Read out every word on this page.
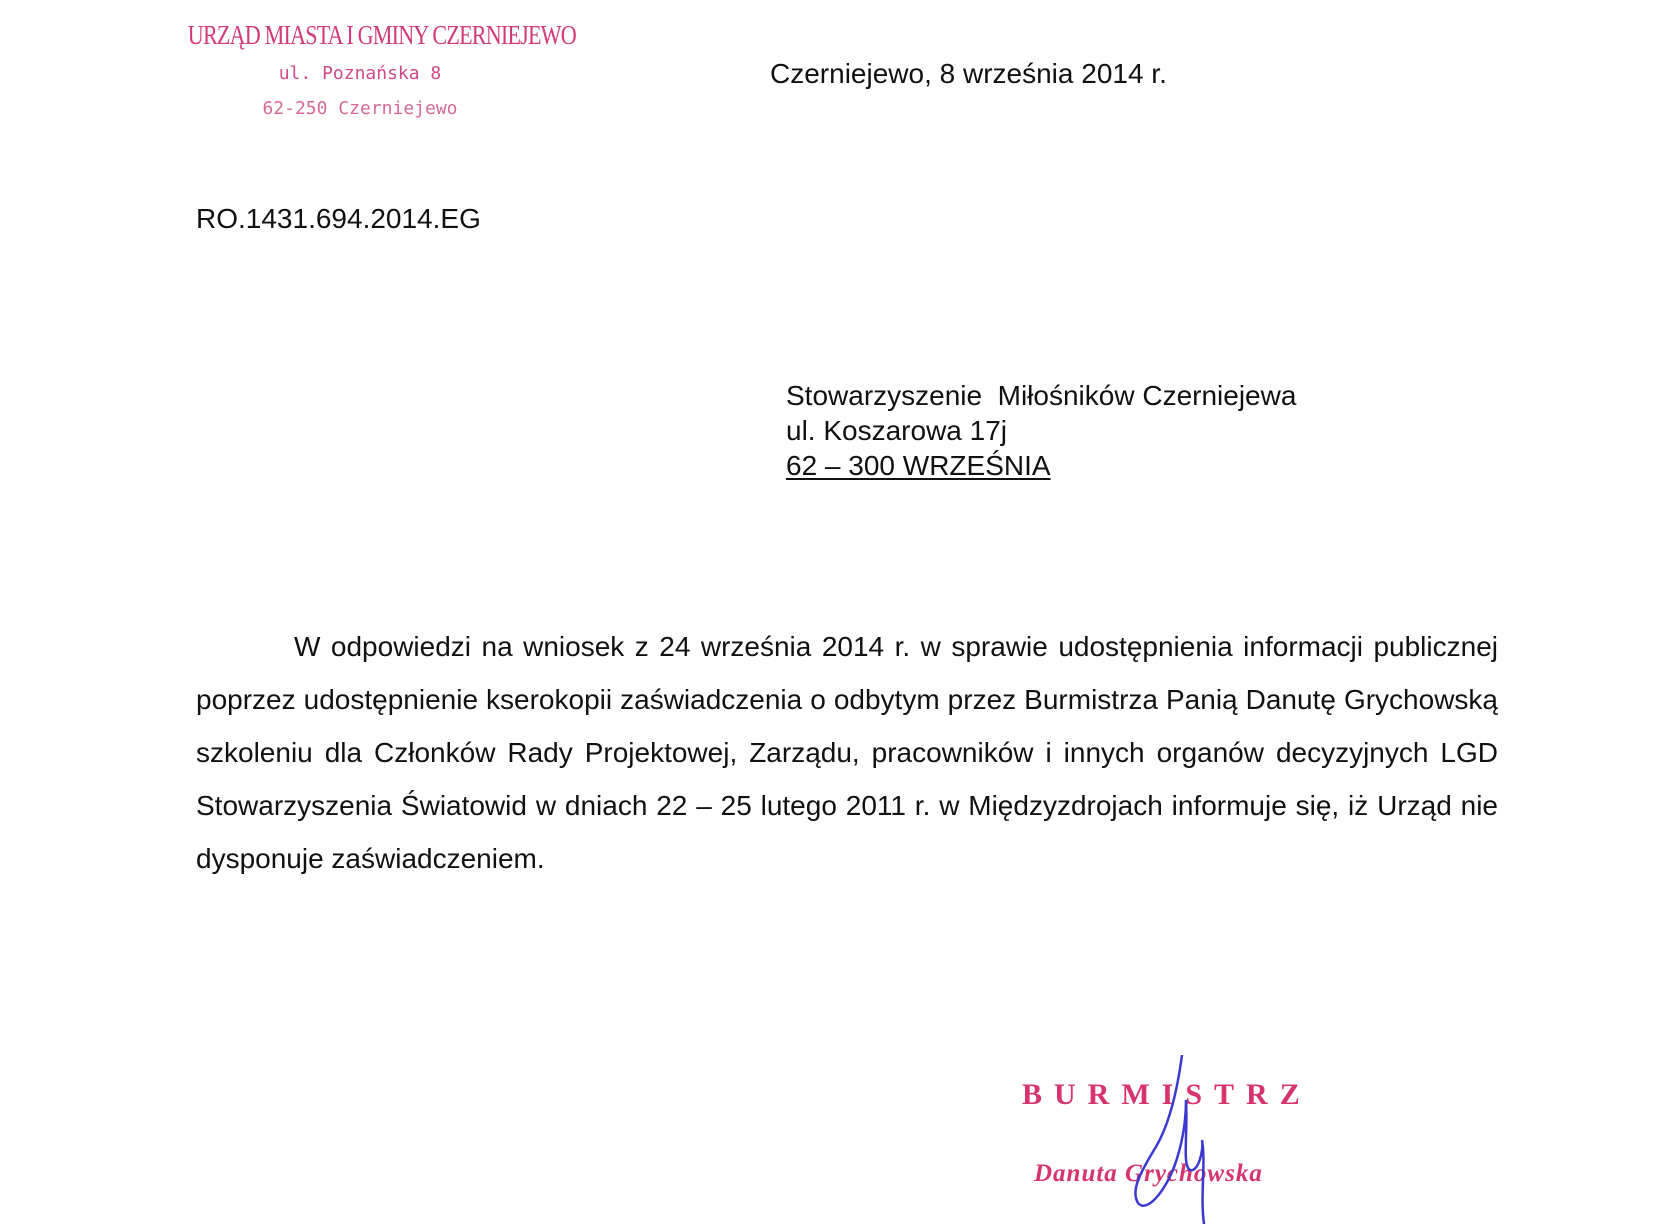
URZĄD MIASTA I GMINY CZERNIEJEWO
ul. Poznańska 8
62-250 Czerniejewo
Czerniejewo, 8 września 2014 r.
RO.1431.694.2014.EG
Stowarzyszenie  Miłośników Czerniejewa
ul. Koszarowa 17j
62 – 300 WRZEŚNIA

W odpowiedzi na wniosek z 24 września 2014 r. w sprawie udostępnienia informacji publicznej poprzez udostępnienie kserokopii zaświadczenia o odbytym przez Burmistrza Panią Danutę Grychowską szkoleniu dla Członków Rady Projektowej, Zarządu, pracowników i innych organów decyzyjnych LGD Stowarzyszenia Światowid w dniach 22 – 25 lutego 2011 r. w Międzyzdrojach informuje się, iż Urząd nie dysponuje zaświadczeniem.

BURMISTRZ
Danuta Grychowska
